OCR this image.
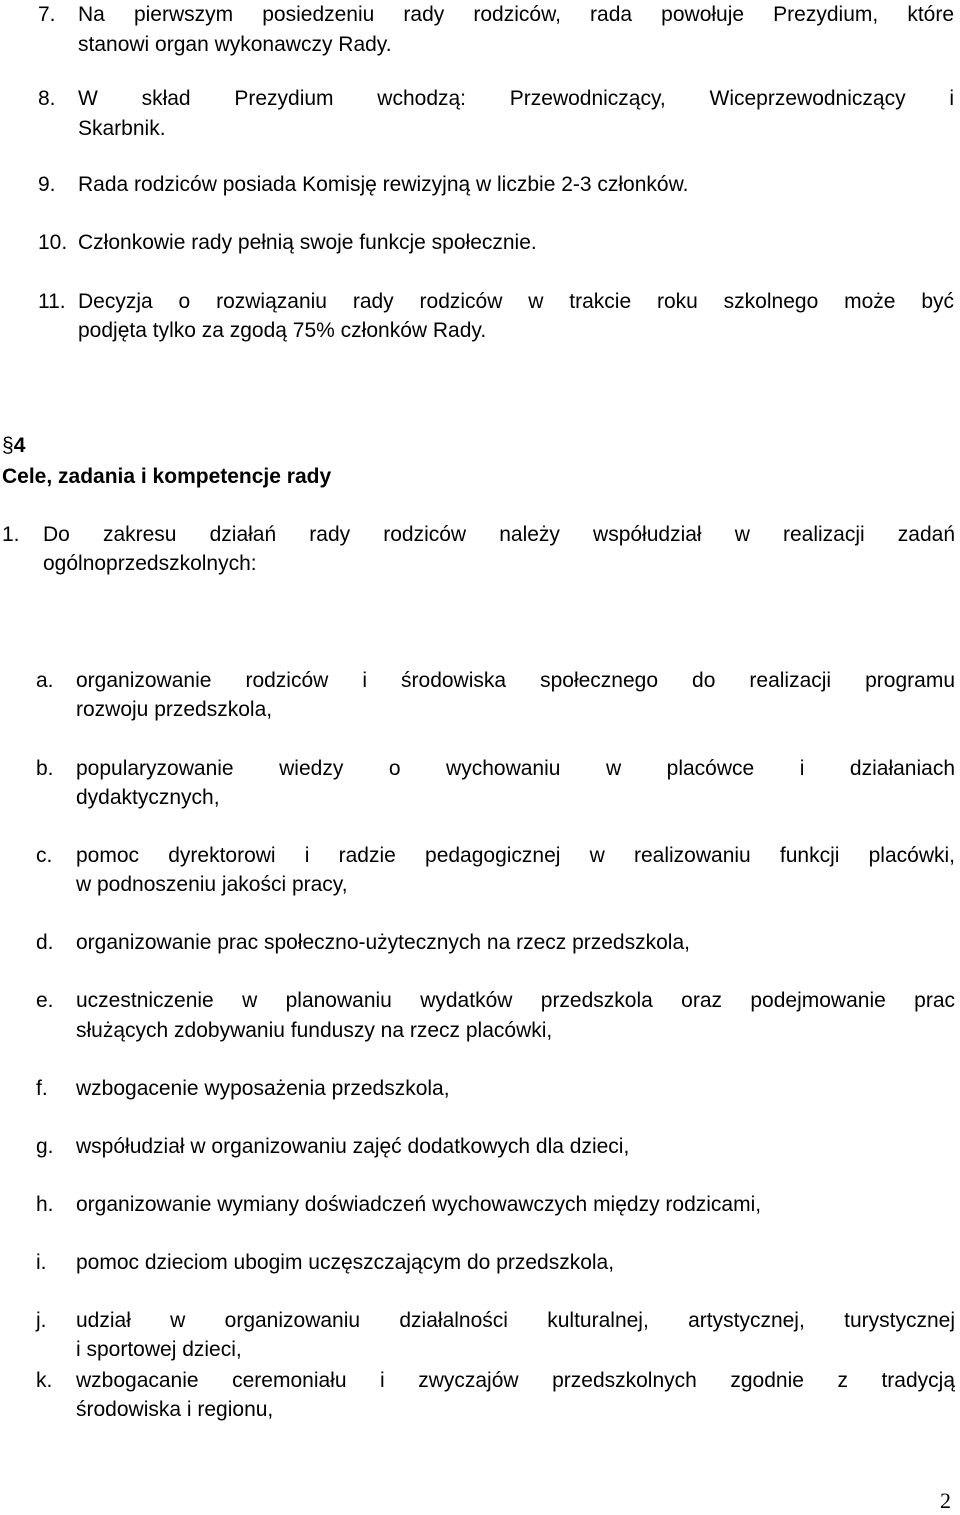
7. Na pierwszym posiedzeniu rady rodziców, rada powołuje Prezydium, które
stanowi organ wykonawczy Rady.
8. W skład Prezydium wchodzą: Przewodniczący, Wiceprzewodniczący i
Skarbnik.
9. Rada rodziców posiada Komisję rewizyjną w liczbie 2-3 członków.
10. Członkowie rady pełnią swoje funkcje społecznie.
11. Decyzja o rozwiązaniu rady rodziców w trakcie roku szkolnego może być
podjęta tylko za zgodą 75% członków Rady.
§4
Cele, zadania i kompetencje rady
1. Do zakresu działań rady rodziców należy współudział w realizacji zadań
ogólnoprzedszkolnych:
a. organizowanie rodziców i środowiska społecznego do realizacji programu
rozwoju przedszkola,
b. popularyzowanie wiedzy o wychowaniu w placówce i działaniach
dydaktycznych,
c. pomoc dyrektorowi i radzie pedagogicznej w realizowaniu funkcji placówki,
w podnoszeniu jakości pracy,
d. organizowanie prac społeczno-użytecznych na rzecz przedszkola,
e. uczestniczenie w planowaniu wydatków przedszkola oraz podejmowanie prac
służących zdobywaniu funduszy na rzecz placówki,
f. wzbogacenie wyposażenia przedszkola,
g. współudział w organizowaniu zajęć dodatkowych dla dzieci,
h. organizowanie wymiany doświadczeń wychowawczych między rodzicami,
i. pomoc dzieciom ubogim uczęszczającym do przedszkola,
j. udział w organizowaniu działalności kulturalnej, artystycznej, turystycznej
i sportowej dzieci,
k. wzbogacanie ceremoniału i zwyczajów przedszkolnych zgodnie z tradycją
środowiska i regionu,
2
